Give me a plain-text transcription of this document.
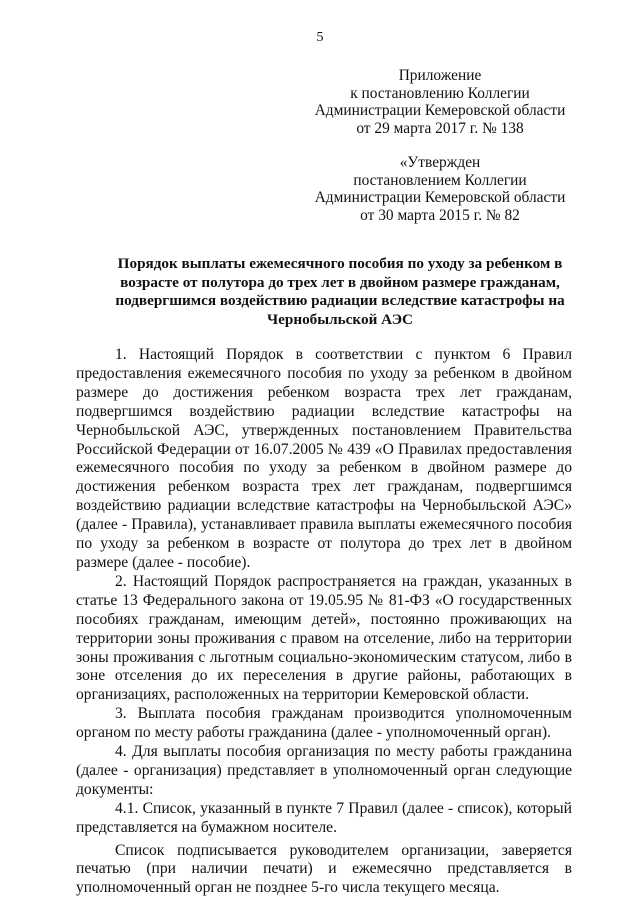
5
Приложение
к постановлению Коллегии
Администрации Кемеровской области
от 29 марта 2017 г. № 138
«Утвержден
постановлением Коллегии
Администрации Кемеровской области
от 30 марта 2015 г. № 82
Порядок выплаты ежемесячного пособия по уходу за ребенком в
возрасте от полутора до трех лет в двойном размере гражданам,
подвергшимся воздействию радиации вследствие катастрофы на
Чернобыльской АЭС

1. Настоящий Порядок в соответствии с пунктом 6 Правил предоставления ежемесячного пособия по уходу за ребенком в двойном размере до достижения ребенком возраста трех лет гражданам, подвергшимся воздействию радиации вследствие катастрофы на Чернобыльской АЭС, утвержденных постановлением Правительства Российской Федерации от 16.07.2005 № 439 «О Правилах предоставления ежемесячного пособия по уходу за ребенком в двойном размере до достижения ребенком возраста трех лет гражданам, подвергшимся воздействию радиации вследствие катастрофы на Чернобыльской АЭС» (далее - Правила), устанавливает правила выплаты ежемесячного пособия по уходу за ребенком в возрасте от полутора до трех лет в двойном размере (далее - пособие).

2. Настоящий Порядок распространяется на граждан, указанных в статье 13 Федерального закона от 19.05.95 № 81-ФЗ «О государственных пособиях гражданам, имеющим детей», постоянно проживающих на территории зоны проживания с правом на отселение, либо на территории зоны проживания с льготным социально-экономическим статусом, либо в зоне отселения до их переселения в другие районы, работающих в организациях, расположенных на территории Кемеровской области.

3. Выплата пособия гражданам производится уполномоченным органом по месту работы гражданина (далее - уполномоченный орган).

4. Для выплаты пособия организация по месту работы гражданина (далее - организация) представляет в уполномоченный орган следующие документы:

4.1. Список, указанный в пункте 7 Правил (далее - список), который представляется на бумажном носителе.

Список подписывается руководителем организации, заверяется печатью (при наличии печати) и ежемесячно представляется в уполномоченный орган не позднее 5-го числа текущего месяца.
